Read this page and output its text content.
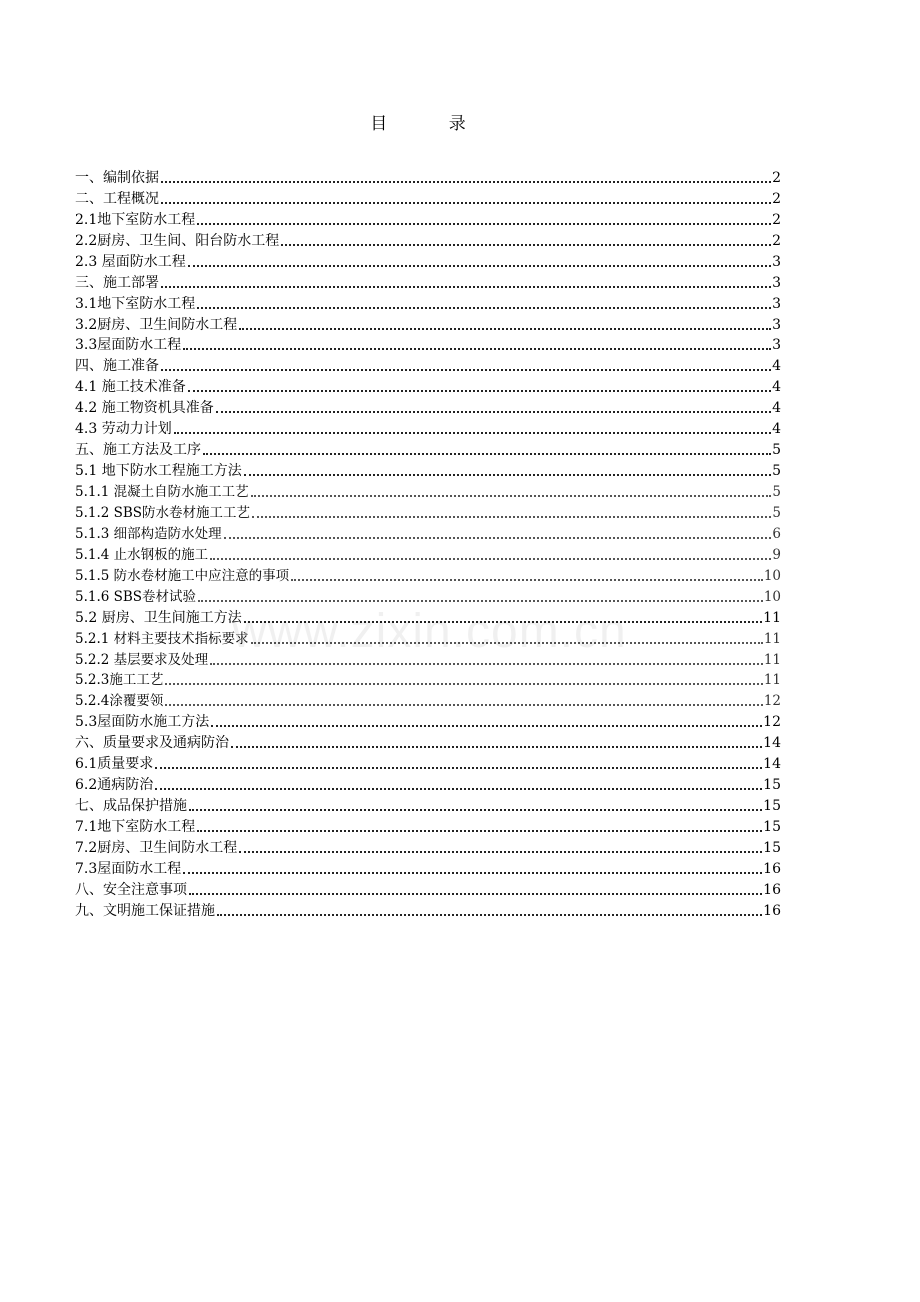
目 录
一、编制依据	2
二、工程概况	2
2.1地下室防水工程	2
2.2厨房、卫生间、阳台防水工程	2
2.3 屋面防水工程	3
三、施工部署	3
3.1地下室防水工程	3
3.2厨房、卫生间防水工程	3
3.3屋面防水工程	3
四、施工准备	4
4.1 施工技术准备	4
4.2 施工物资机具准备	4
4.3 劳动力计划	4
五、施工方法及工序	5
5.1 地下防水工程施工方法	5
5.1.1 混凝土自防水施工工艺	5
5.1.2 SBS防水卷材施工工艺	5
5.1.3 细部构造防水处理	6
5.1.4 止水钢板的施工	9
5.1.5 防水卷材施工中应注意的事项	10
5.1.6 SBS卷材试验	10
5.2 厨房、卫生间施工方法	11
5.2.1 材料主要技术指标要求	11
5.2.2 基层要求及处理	11
5.2.3施工工艺	11
5.2.4涂覆要领	12
5.3屋面防水施工方法	12
六、质量要求及通病防治	14
6.1质量要求	14
6.2通病防治	15
七、成品保护措施	15
7.1地下室防水工程	15
7.2厨房、卫生间防水工程	15
7.3屋面防水工程	16
八、安全注意事项	16
九、文明施工保证措施	16
www.zixin.com.cn
